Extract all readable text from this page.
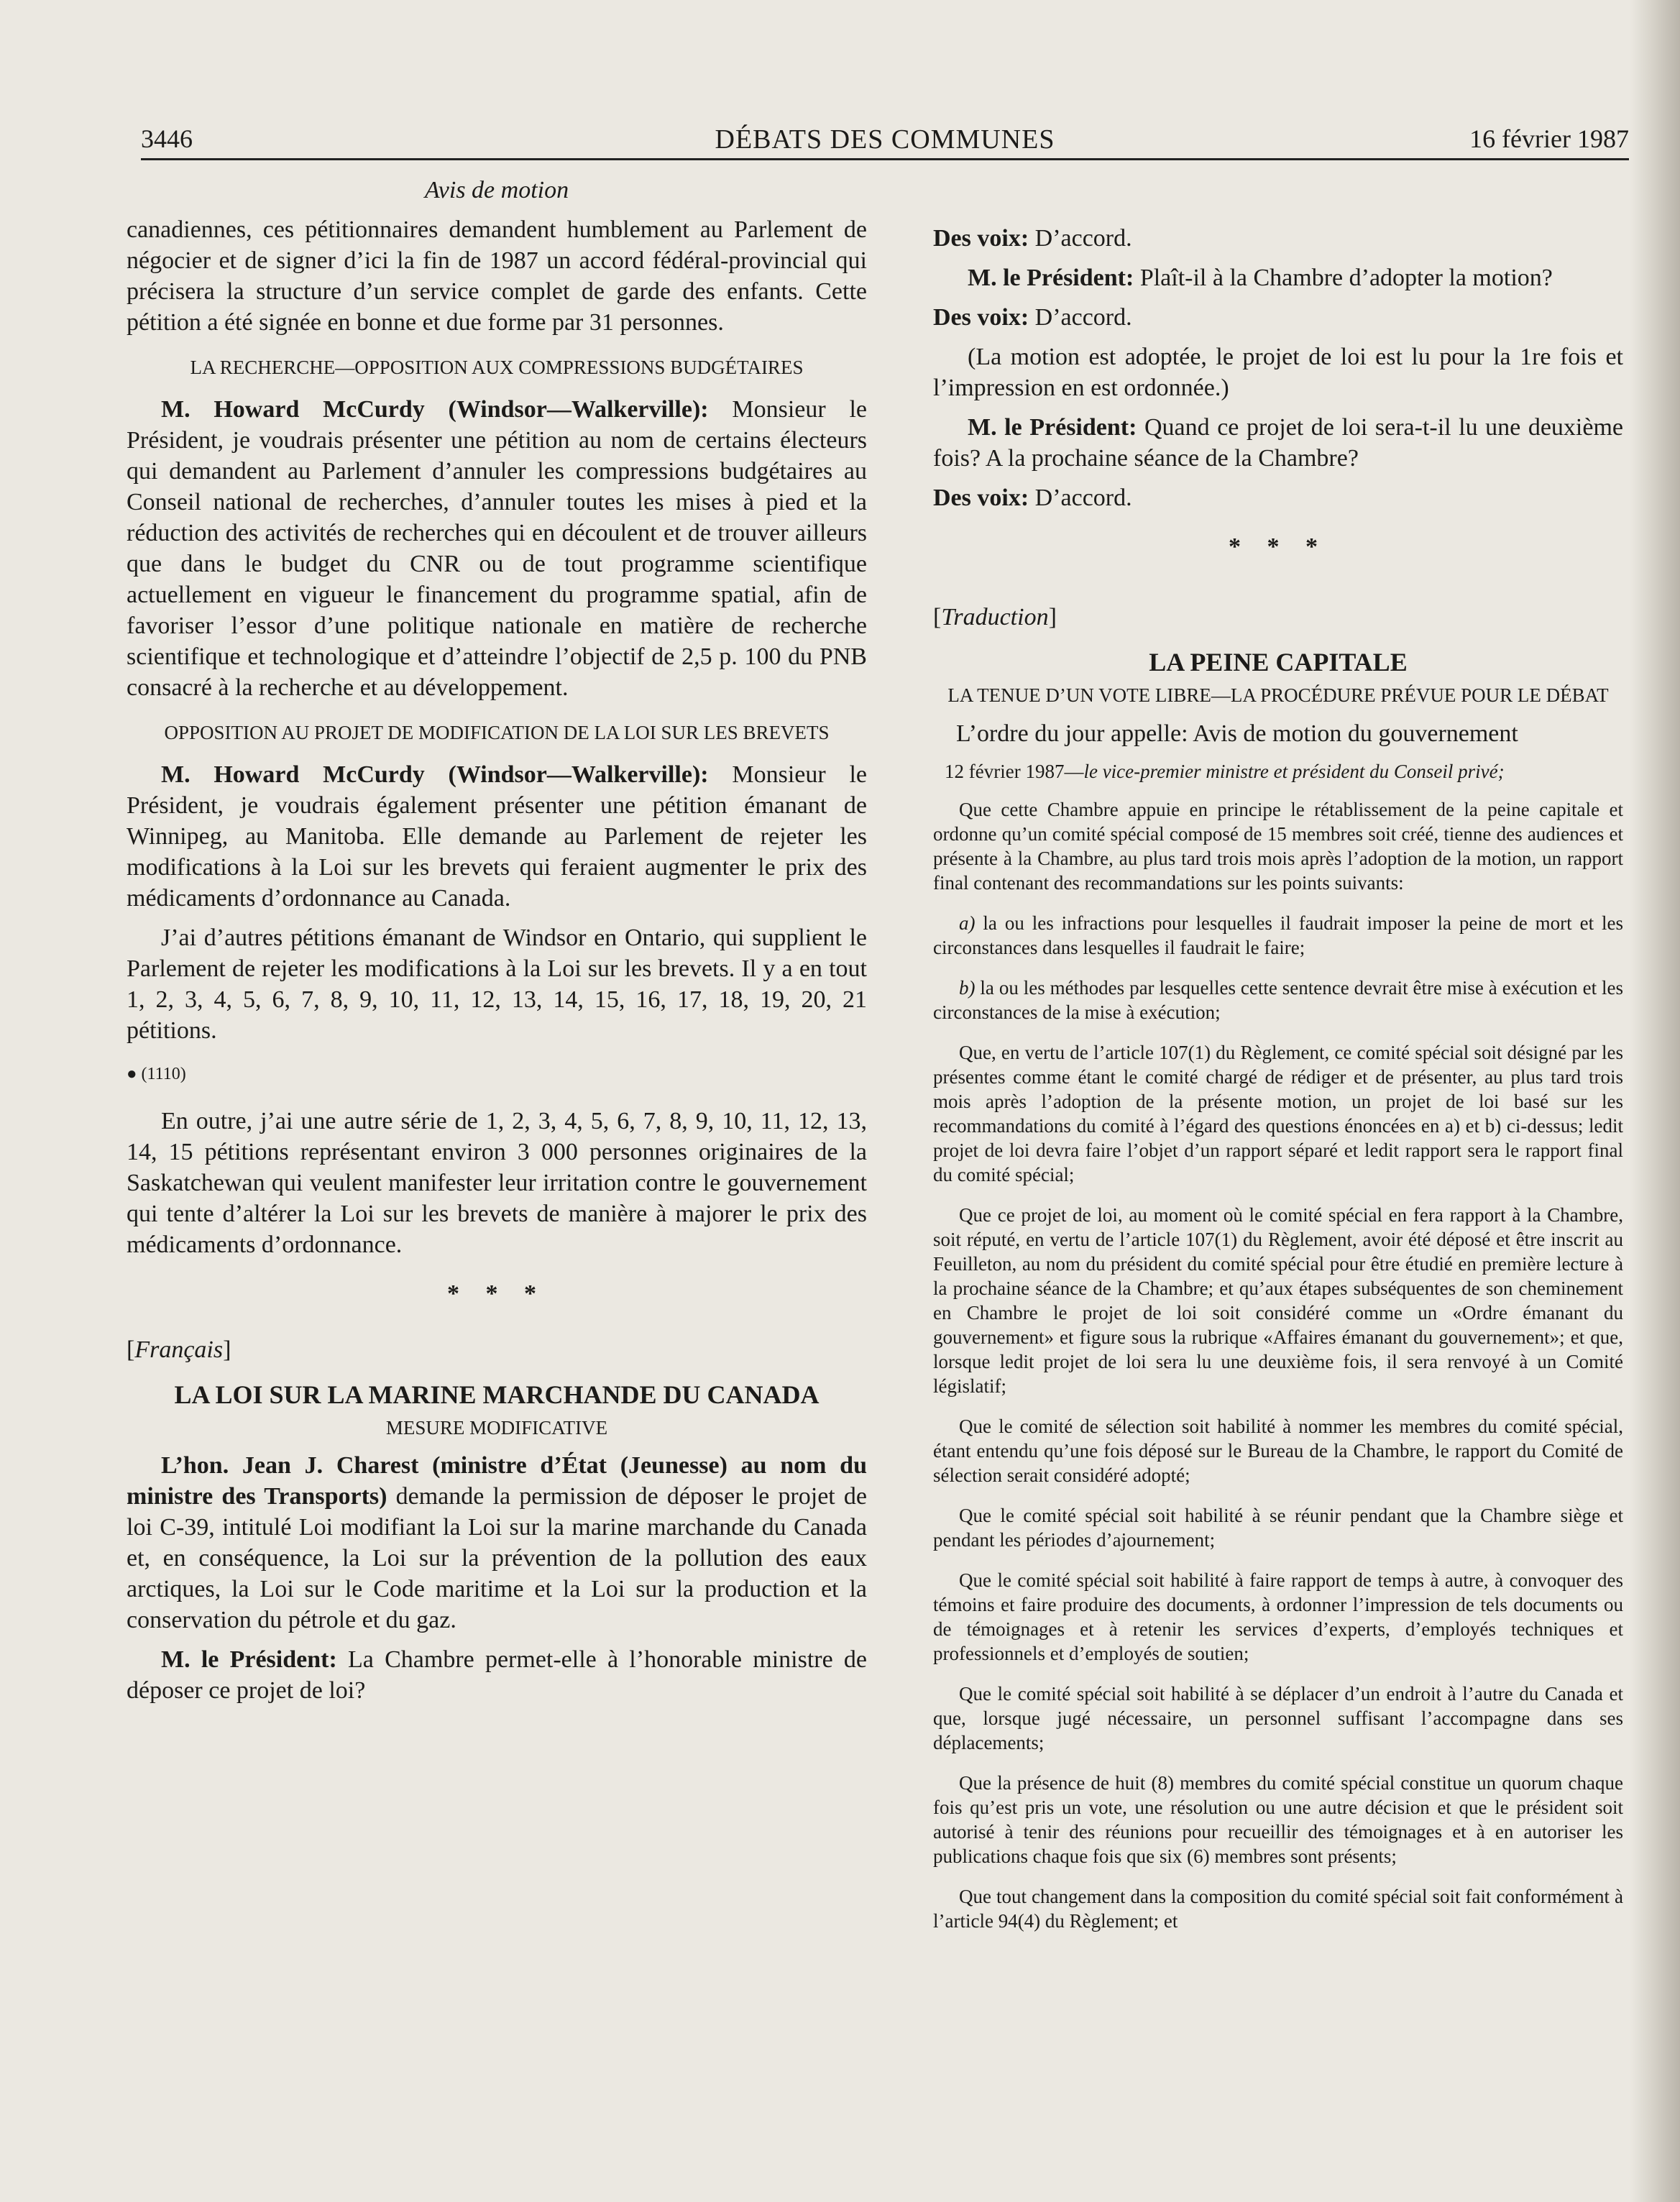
3446	DÉBATS DES COMMUNES	16 février 1987
Avis de motion

canadiennes, ces pétitionnaires demandent humblement au Parlement de négocier et de signer d’ici la fin de 1987 un accord fédéral-provincial qui précisera la structure d’un service complet de garde des enfants. Cette pétition a été signée en bonne et due forme par 31 personnes.

LA RECHERCHE—OPPOSITION AUX COMPRESSIONS BUDGÉTAIRES

M. Howard McCurdy (Windsor—Walkerville): Monsieur le Président, je voudrais présenter une pétition au nom de certains électeurs qui demandent au Parlement d’annuler les compressions budgétaires au Conseil national de recherches, d’annuler toutes les mises à pied et la réduction des activités de recherches qui en découlent et de trouver ailleurs que dans le budget du CNR ou de tout programme scientifique actuellement en vigueur le financement du programme spatial, afin de favoriser l’essor d’une politique nationale en matière de recherche scientifique et technologique et d’atteindre l’objectif de 2,5 p. 100 du PNB consacré à la recherche et au développement.

OPPOSITION AU PROJET DE MODIFICATION DE LA LOI SUR LES BREVETS

M. Howard McCurdy (Windsor—Walkerville): Monsieur le Président, je voudrais également présenter une pétition émanant de Winnipeg, au Manitoba. Elle demande au Parlement de rejeter les modifications à la Loi sur les brevets qui feraient augmenter le prix des médicaments d’ordonnance au Canada.

J’ai d’autres pétitions émanant de Windsor en Ontario, qui supplient le Parlement de rejeter les modifications à la Loi sur les brevets. Il y a en tout 1, 2, 3, 4, 5, 6, 7, 8, 9, 10, 11, 12, 13, 14, 15, 16, 17, 18, 19, 20, 21 pétitions.

● (1110)

En outre, j’ai une autre série de 1, 2, 3, 4, 5, 6, 7, 8, 9, 10, 11, 12, 13, 14, 15 pétitions représentant environ 3 000 personnes originaires de la Saskatchewan qui veulent manifester leur irritation contre le gouvernement qui tente d’altérer la Loi sur les brevets de manière à majorer le prix des médicaments d’ordonnance.

* * *
[Français]
LA LOI SUR LA MARINE MARCHANDE DU CANADA
MESURE MODIFICATIVE

L’hon. Jean J. Charest (ministre d’État (Jeunesse) au nom du ministre des Transports) demande la permission de déposer le projet de loi C-39, intitulé Loi modifiant la Loi sur la marine marchande du Canada et, en conséquence, la Loi sur la prévention de la pollution des eaux arctiques, la Loi sur le Code maritime et la Loi sur la production et la conservation du pétrole et du gaz.

M. le Président: La Chambre permet-elle à l’honorable ministre de déposer ce projet de loi?

Des voix: D’accord.

M. le Président: Plaît-il à la Chambre d’adopter la motion?

Des voix: D’accord.

(La motion est adoptée, le projet de loi est lu pour la 1re fois et l’impression en est ordonnée.)

M. le Président: Quand ce projet de loi sera-t-il lu une deuxième fois? A la prochaine séance de la Chambre?

Des voix: D’accord.

* * *
[Traduction]
LA PEINE CAPITALE
LA TENUE D’UN VOTE LIBRE—LA PROCÉDURE PRÉVUE POUR LE DÉBAT

L’ordre du jour appelle: Avis de motion du gouvernement

12 février 1987—le vice-premier ministre et président du Conseil privé;

Que cette Chambre appuie en principe le rétablissement de la peine capitale et ordonne qu’un comité spécial composé de 15 membres soit créé, tienne des audiences et présente à la Chambre, au plus tard trois mois après l’adoption de la motion, un rapport final contenant des recommandations sur les points suivants:

a) la ou les infractions pour lesquelles il faudrait imposer la peine de mort et les circonstances dans lesquelles il faudrait le faire;

b) la ou les méthodes par lesquelles cette sentence devrait être mise à exécution et les circonstances de la mise à exécution;

Que, en vertu de l’article 107(1) du Règlement, ce comité spécial soit désigné par les présentes comme étant le comité chargé de rédiger et de présenter, au plus tard trois mois après l’adoption de la présente motion, un projet de loi basé sur les recommandations du comité à l’égard des questions énoncées en a) et b) ci-dessus; ledit projet de loi devra faire l’objet d’un rapport séparé et ledit rapport sera le rapport final du comité spécial;

Que ce projet de loi, au moment où le comité spécial en fera rapport à la Chambre, soit réputé, en vertu de l’article 107(1) du Règlement, avoir été déposé et être inscrit au Feuilleton, au nom du président du comité spécial pour être étudié en première lecture à la prochaine séance de la Chambre; et qu’aux étapes subséquentes de son cheminement en Chambre le projet de loi soit considéré comme un «Ordre émanant du gouvernement» et figure sous la rubrique «Affaires émanant du gouvernement»; et que, lorsque ledit projet de loi sera lu une deuxième fois, il sera renvoyé à un Comité législatif;

Que le comité de sélection soit habilité à nommer les membres du comité spécial, étant entendu qu’une fois déposé sur le Bureau de la Chambre, le rapport du Comité de sélection serait considéré adopté;

Que le comité spécial soit habilité à se réunir pendant que la Chambre siège et pendant les périodes d’ajournement;

Que le comité spécial soit habilité à faire rapport de temps à autre, à convoquer des témoins et faire produire des documents, à ordonner l’impression de tels documents ou de témoignages et à retenir les services d’experts, d’employés techniques et professionnels et d’employés de soutien;

Que le comité spécial soit habilité à se déplacer d’un endroit à l’autre du Canada et que, lorsque jugé nécessaire, un personnel suffisant l’accompagne dans ses déplacements;

Que la présence de huit (8) membres du comité spécial constitue un quorum chaque fois qu’est pris un vote, une résolution ou une autre décision et que le président soit autorisé à tenir des réunions pour recueillir des témoignages et à en autoriser les publications chaque fois que six (6) membres sont présents;

Que tout changement dans la composition du comité spécial soit fait conformément à l’article 94(4) du Règlement; et
